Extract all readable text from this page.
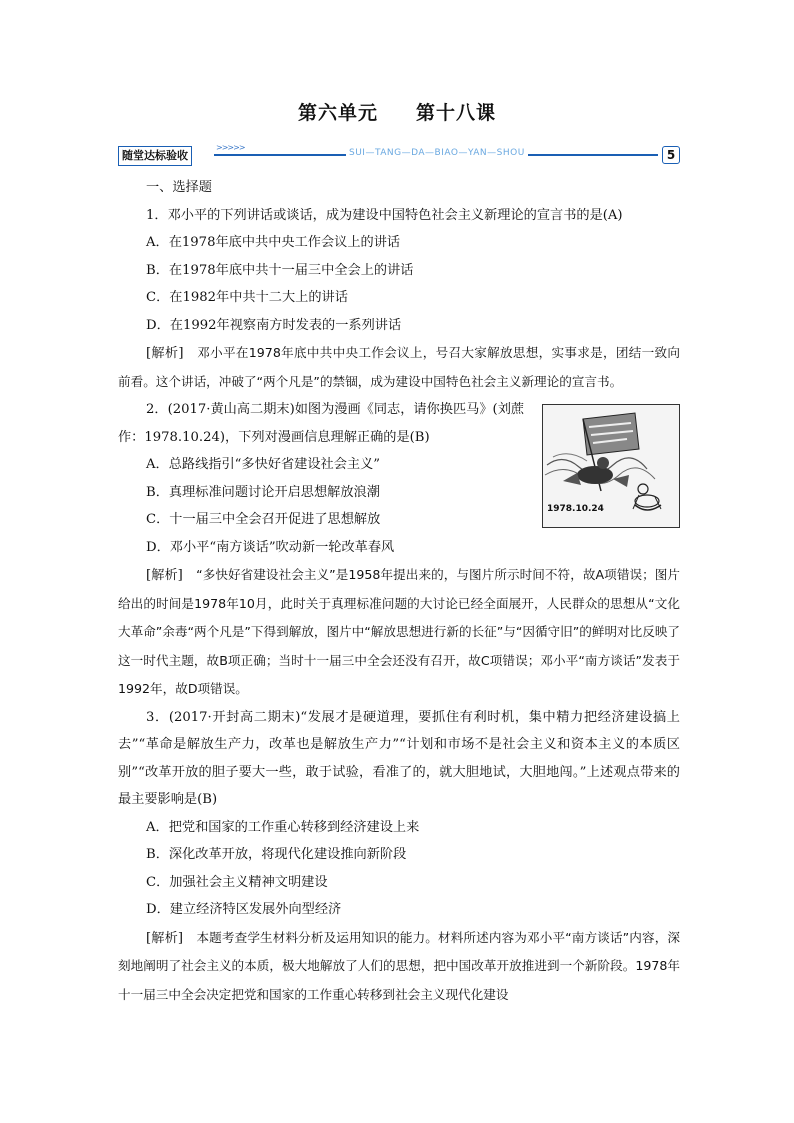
第六单元 第十八课
随堂达标验收
>>>>>
SUI—TANG—DA—BIAO—YAN—SHOU	5

一、选择题

1．邓小平的下列讲话或谈话，成为建设中国特色社会主义新理论的宣言书的是(A)

A．在1978年底中共中央工作会议上的讲话

B．在1978年底中共十一届三中全会上的讲话

C．在1982年中共十二大上的讲话

D．在1992年视察南方时发表的一系列讲话

[解析]　 邓小平在1978年底中共中央工作会议上，号召大家解放思想，实事求是，团结一致向前看。这个讲话，冲破了“两个凡是”的禁锢，成为建设中国特色社会主义新理论的宣言书。

1978.10.24

2．(2017·黄山高二期末)如图为漫画《同志，请你换匹马》(刘蔗作：1978.10.24)，下列对漫画信息理解正确的是(B)

A．总路线指引“多快好省建设社会主义”

B．真理标准问题讨论开启思想解放浪潮

C．十一届三中全会召开促进了思想解放

D．邓小平“南方谈话”吹动新一轮改革春风

[解析]　 “多快好省建设社会主义”是1958年提出来的，与图片所示时间不符，故A项错误；图片给出的时间是1978年10月，此时关于真理标准问题的大讨论已经全面展开，人民群众的思想从“文化大革命”余毒“两个凡是”下得到解放，图片中“解放思想进行新的长征”与“因循守旧”的鲜明对比反映了这一时代主题，故B项正确；当时十一届三中全会还没有召开，故C项错误；邓小平“南方谈话”发表于1992年，故D项错误。

3．(2017·开封高二期末)“发展才是硬道理，要抓住有利时机，集中精力把经济建设搞上去”“革命是解放生产力，改革也是解放生产力”“计划和市场不是社会主义和资本主义的本质区别”“改革开放的胆子要大一些，敢于试验，看准了的，就大胆地试，大胆地闯。”上述观点带来的最主要影响是(B)

A．把党和国家的工作重心转移到经济建设上来

B．深化改革开放，将现代化建设推向新阶段

C．加强社会主义精神文明建设

D．建立经济特区发展外向型经济

[解析]　 本题考查学生材料分析及运用知识的能力。材料所述内容为邓小平“南方谈话”内容，深刻地阐明了社会主义的本质，极大地解放了人们的思想，把中国改革开放推进到一个新阶段。1978年十一届三中全会决定把党和国家的工作重心转移到社会主义现代化建设
